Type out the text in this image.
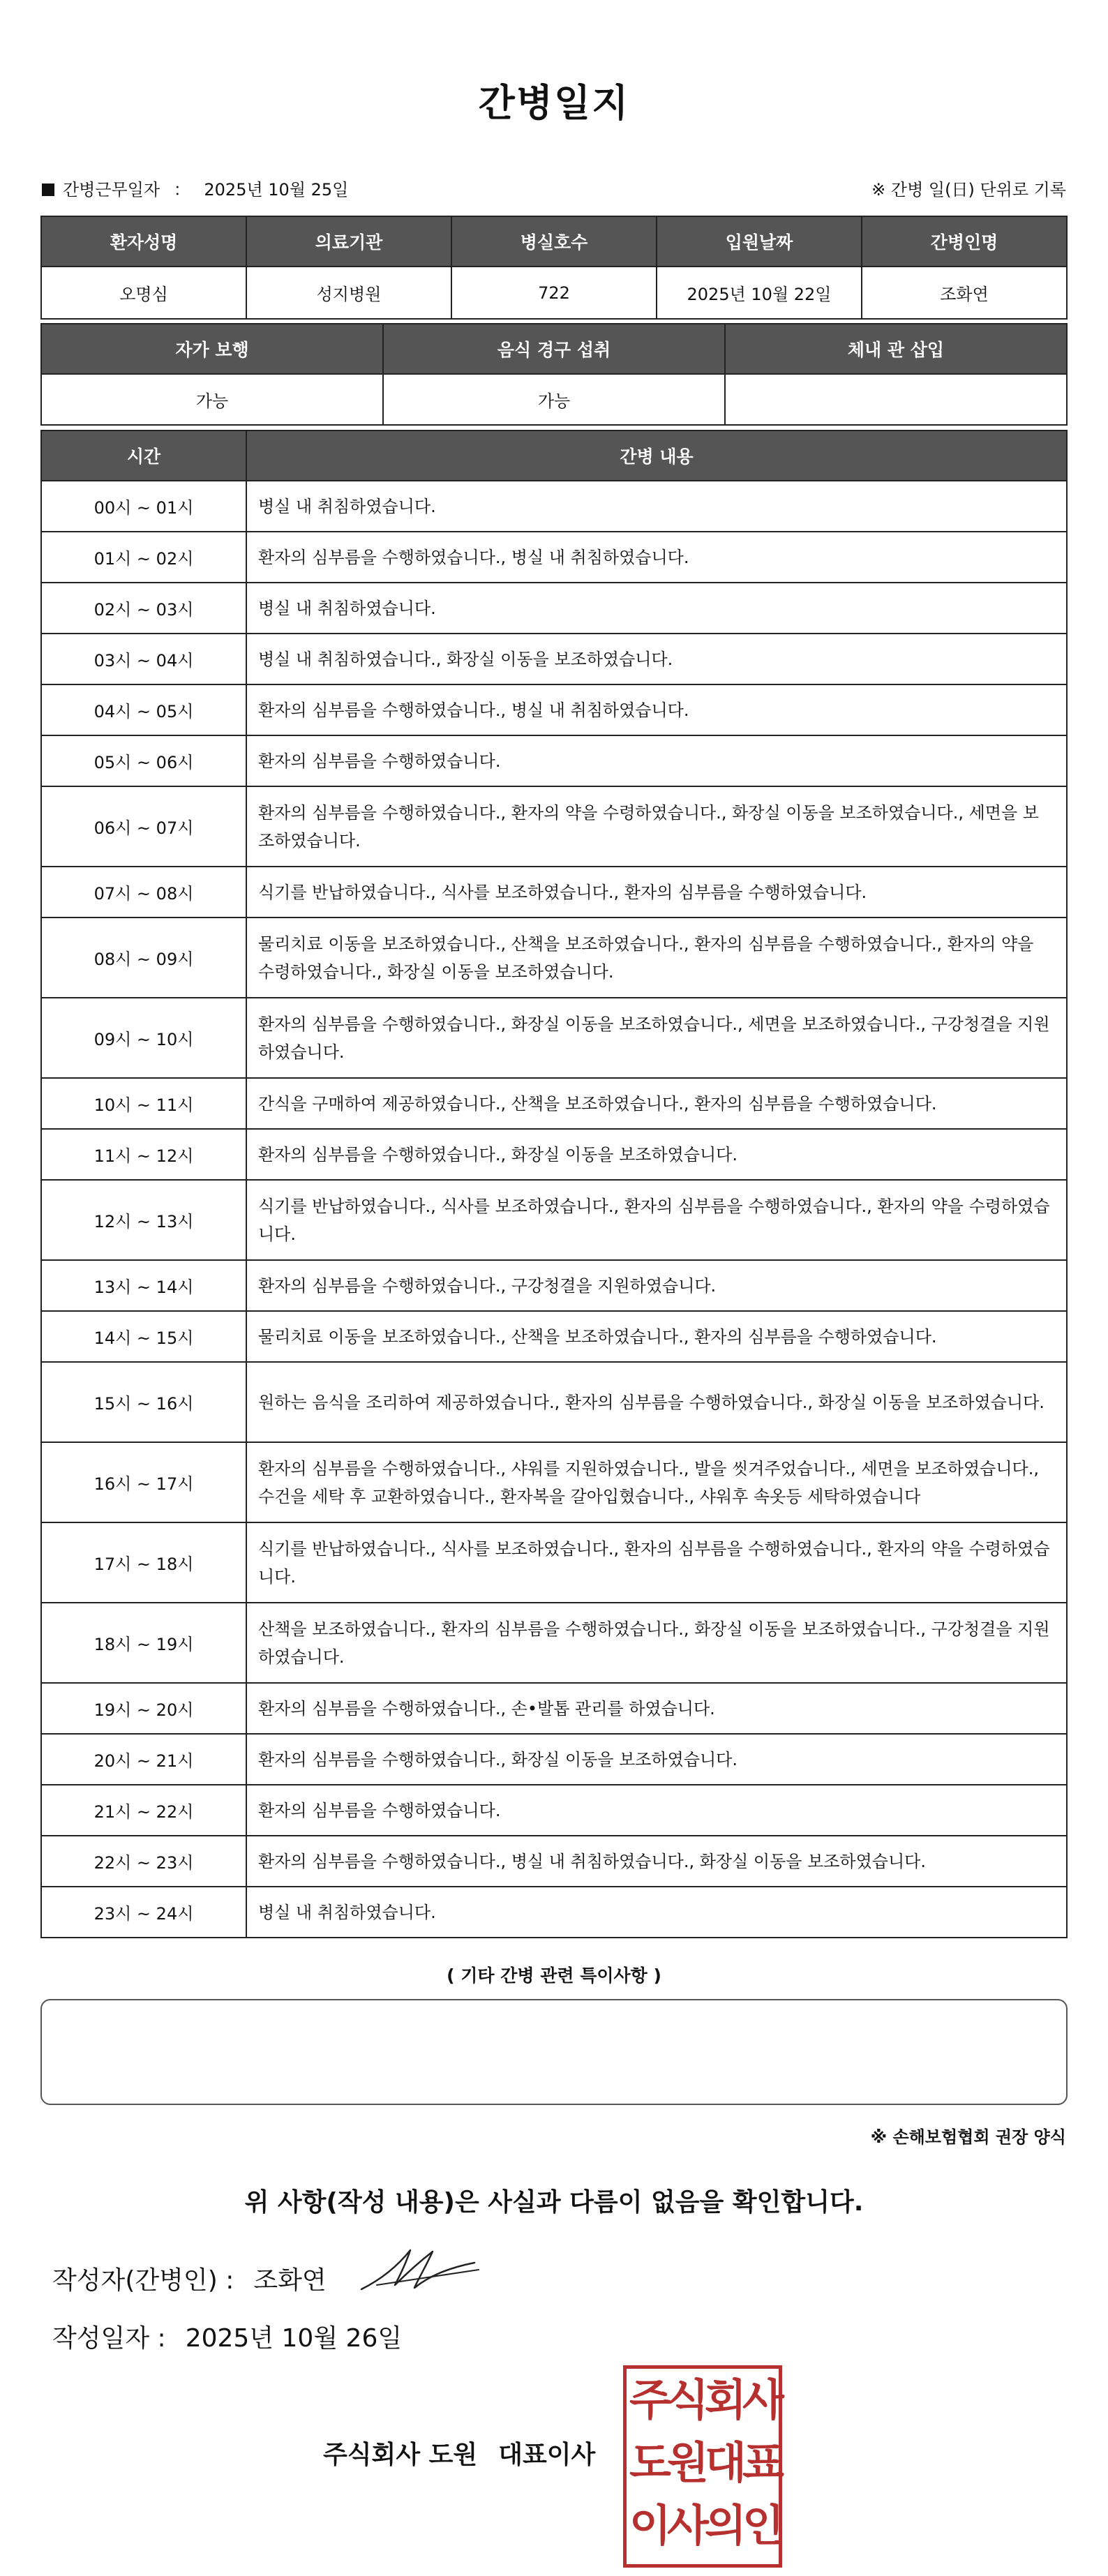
간병일지
간병근무일자 ： 2025년 10월 25일	※ 간병 일(日) 단위로 기록
환자성명	의료기관	병실호수	입원날짜	간병인명
오명심	성지병원	722	2025년 10월 22일	조화연
자가 보행	음식 경구 섭취	체내 관 삽입
가능	가능	
시간	간병 내용
00시 ~ 01시	병실 내 취침하였습니다.
01시 ~ 02시	환자의 심부름을 수행하였습니다., 병실 내 취침하였습니다.
02시 ~ 03시	병실 내 취침하였습니다.
03시 ~ 04시	병실 내 취침하였습니다., 화장실 이동을 보조하였습니다.
04시 ~ 05시	환자의 심부름을 수행하였습니다., 병실 내 취침하였습니다.
05시 ~ 06시	환자의 심부름을 수행하였습니다.
06시 ~ 07시	환자의 심부름을 수행하였습니다., 환자의 약을 수령하였습니다., 화장실 이동을 보조하였습니다., 세면을 보조하였습니다.
07시 ~ 08시	식기를 반납하였습니다., 식사를 보조하였습니다., 환자의 심부름을 수행하였습니다.
08시 ~ 09시	물리치료 이동을 보조하였습니다., 산책을 보조하였습니다., 환자의 심부름을 수행하였습니다., 환자의 약을 수령하였습니다., 화장실 이동을 보조하였습니다.
09시 ~ 10시	환자의 심부름을 수행하였습니다., 화장실 이동을 보조하였습니다., 세면을 보조하였습니다., 구강청결을 지원하였습니다.
10시 ~ 11시	간식을 구매하여 제공하였습니다., 산책을 보조하였습니다., 환자의 심부름을 수행하였습니다.
11시 ~ 12시	환자의 심부름을 수행하였습니다., 화장실 이동을 보조하였습니다.
12시 ~ 13시	식기를 반납하였습니다., 식사를 보조하였습니다., 환자의 심부름을 수행하였습니다., 환자의 약을 수령하였습니다.
13시 ~ 14시	환자의 심부름을 수행하였습니다., 구강청결을 지원하였습니다.
14시 ~ 15시	물리치료 이동을 보조하였습니다., 산책을 보조하였습니다., 환자의 심부름을 수행하였습니다.
15시 ~ 16시	원하는 음식을 조리하여 제공하였습니다., 환자의 심부름을 수행하였습니다., 화장실 이동을 보조하였습니다.
16시 ~ 17시	환자의 심부름을 수행하였습니다., 샤워를 지원하였습니다., 발을 씻겨주었습니다., 세면을 보조하였습니다., 수건을 세탁 후 교환하였습니다., 환자복을 갈아입혔습니다., 샤워후 속옷등 세탁하였습니다
17시 ~ 18시	식기를 반납하였습니다., 식사를 보조하였습니다., 환자의 심부름을 수행하였습니다., 환자의 약을 수령하였습니다.
18시 ~ 19시	산책을 보조하였습니다., 환자의 심부름을 수행하였습니다., 화장실 이동을 보조하였습니다., 구강청결을 지원하였습니다.
19시 ~ 20시	환자의 심부름을 수행하였습니다., 손•발톱 관리를 하였습니다.
20시 ~ 21시	환자의 심부름을 수행하였습니다., 화장실 이동을 보조하였습니다.
21시 ~ 22시	환자의 심부름을 수행하였습니다.
22시 ~ 23시	환자의 심부름을 수행하였습니다., 병실 내 취침하였습니다., 화장실 이동을 보조하였습니다.
23시 ~ 24시	병실 내 취침하였습니다.
( 기타 간병 관련 특이사항 )
※ 손해보험협회 권장 양식
위 사항(작성 내용)은 사실과 다름이 없음을 확인합니다.
작성자(간병인) : 조화연
작성일자 : 2025년 10월 26일
주식회사 도원 대표이사
주
식
회
사
도
원
대
표
이
사
의
인
